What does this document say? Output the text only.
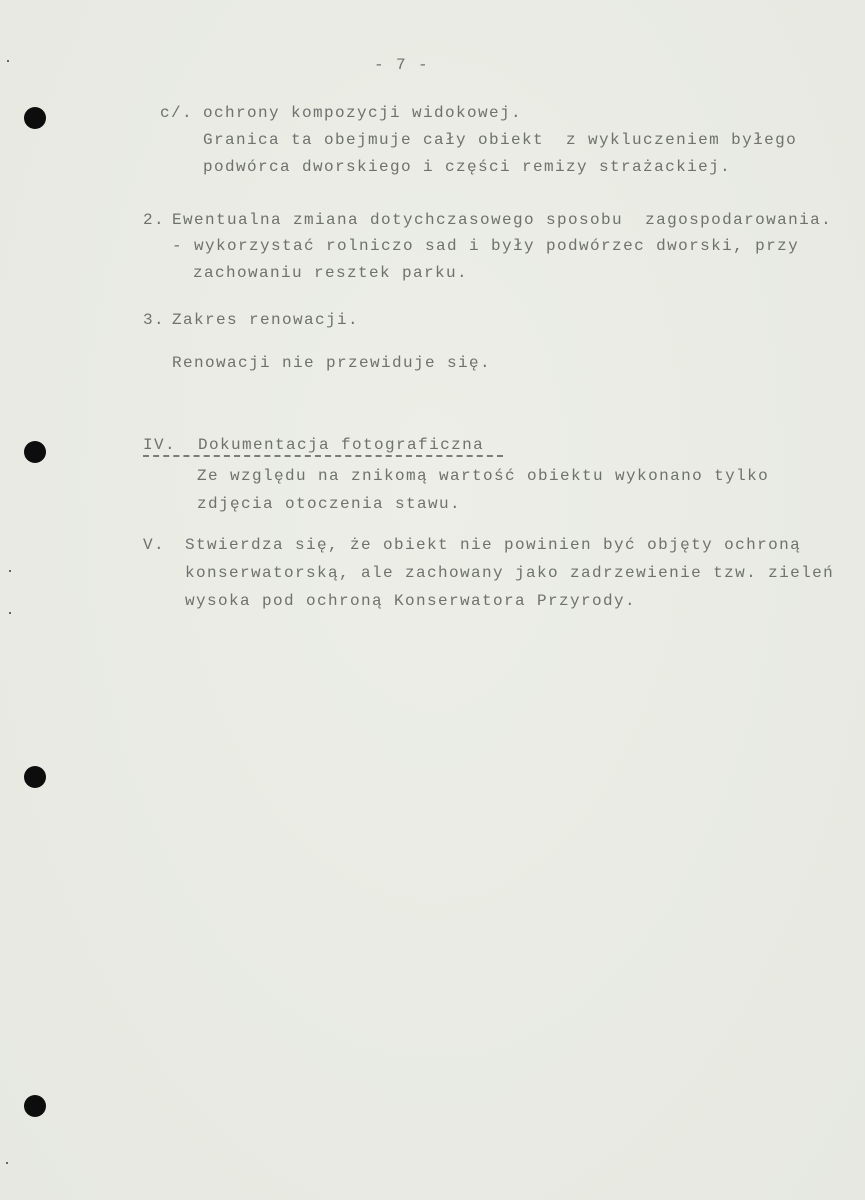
- 7 -
c/. ochrony kompozycji widokowej.
Granica ta obejmuje cały obiekt  z wykluczeniem byłego
podwórca dworskiego i części remizy strażackiej.
2. Ewentualna zmiana dotychczasowego sposobu  zagospodarowania.
- wykorzystać rolniczo sad i były podwórzec dworski, przy
zachowaniu resztek parku.
3. Zakres renowacji.
Renowacji nie przewiduje się.
IV. Dokumentacja fotograficzna
Ze względu na znikomą wartość obiektu wykonano tylko
zdjęcia otoczenia stawu.
V. Stwierdza się, że obiekt nie powinien być objęty ochroną
konserwatorską, ale zachowany jako zadrzewienie tzw. zieleń
wysoka pod ochroną Konserwatora Przyrody.
